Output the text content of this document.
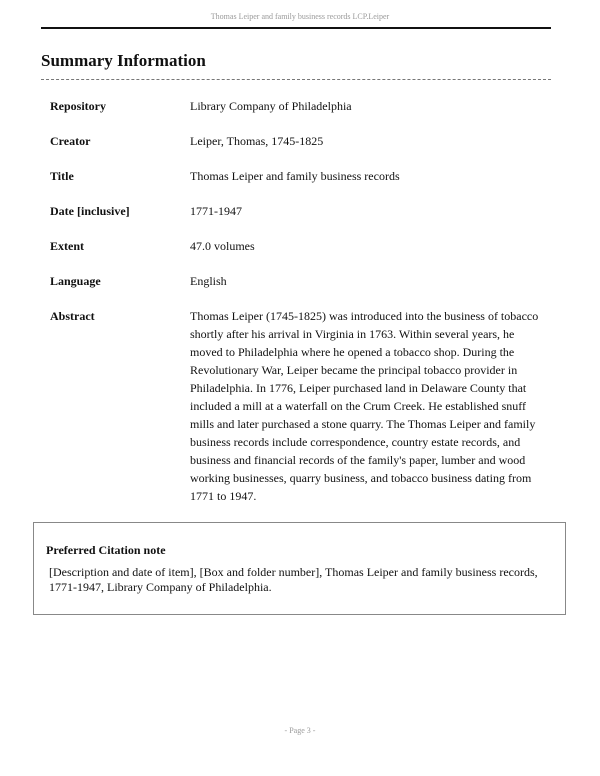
Thomas Leiper and family business records LCP.Leiper
Summary Information
Repository	Library Company of Philadelphia
Creator	Leiper, Thomas, 1745-1825
Title	Thomas Leiper and family business records
Date [inclusive]	1771-1947
Extent	47.0 volumes
Language	English
Abstract	Thomas Leiper (1745-1825) was introduced into the business of tobacco shortly after his arrival in Virginia in 1763. Within several years, he moved to Philadelphia where he opened a tobacco shop. During the Revolutionary War, Leiper became the principal tobacco provider in Philadelphia. In 1776, Leiper purchased land in Delaware County that included a mill at a waterfall on the Crum Creek. He established snuff mills and later purchased a stone quarry. The Thomas Leiper and family business records include correspondence, country estate records, and business and financial records of the family's paper, lumber and wood working businesses, quarry business, and tobacco business dating from 1771 to 1947.
Preferred Citation note
[Description and date of item], [Box and folder number], Thomas Leiper and family business records, 1771-1947, Library Company of Philadelphia.
- Page 3 -
